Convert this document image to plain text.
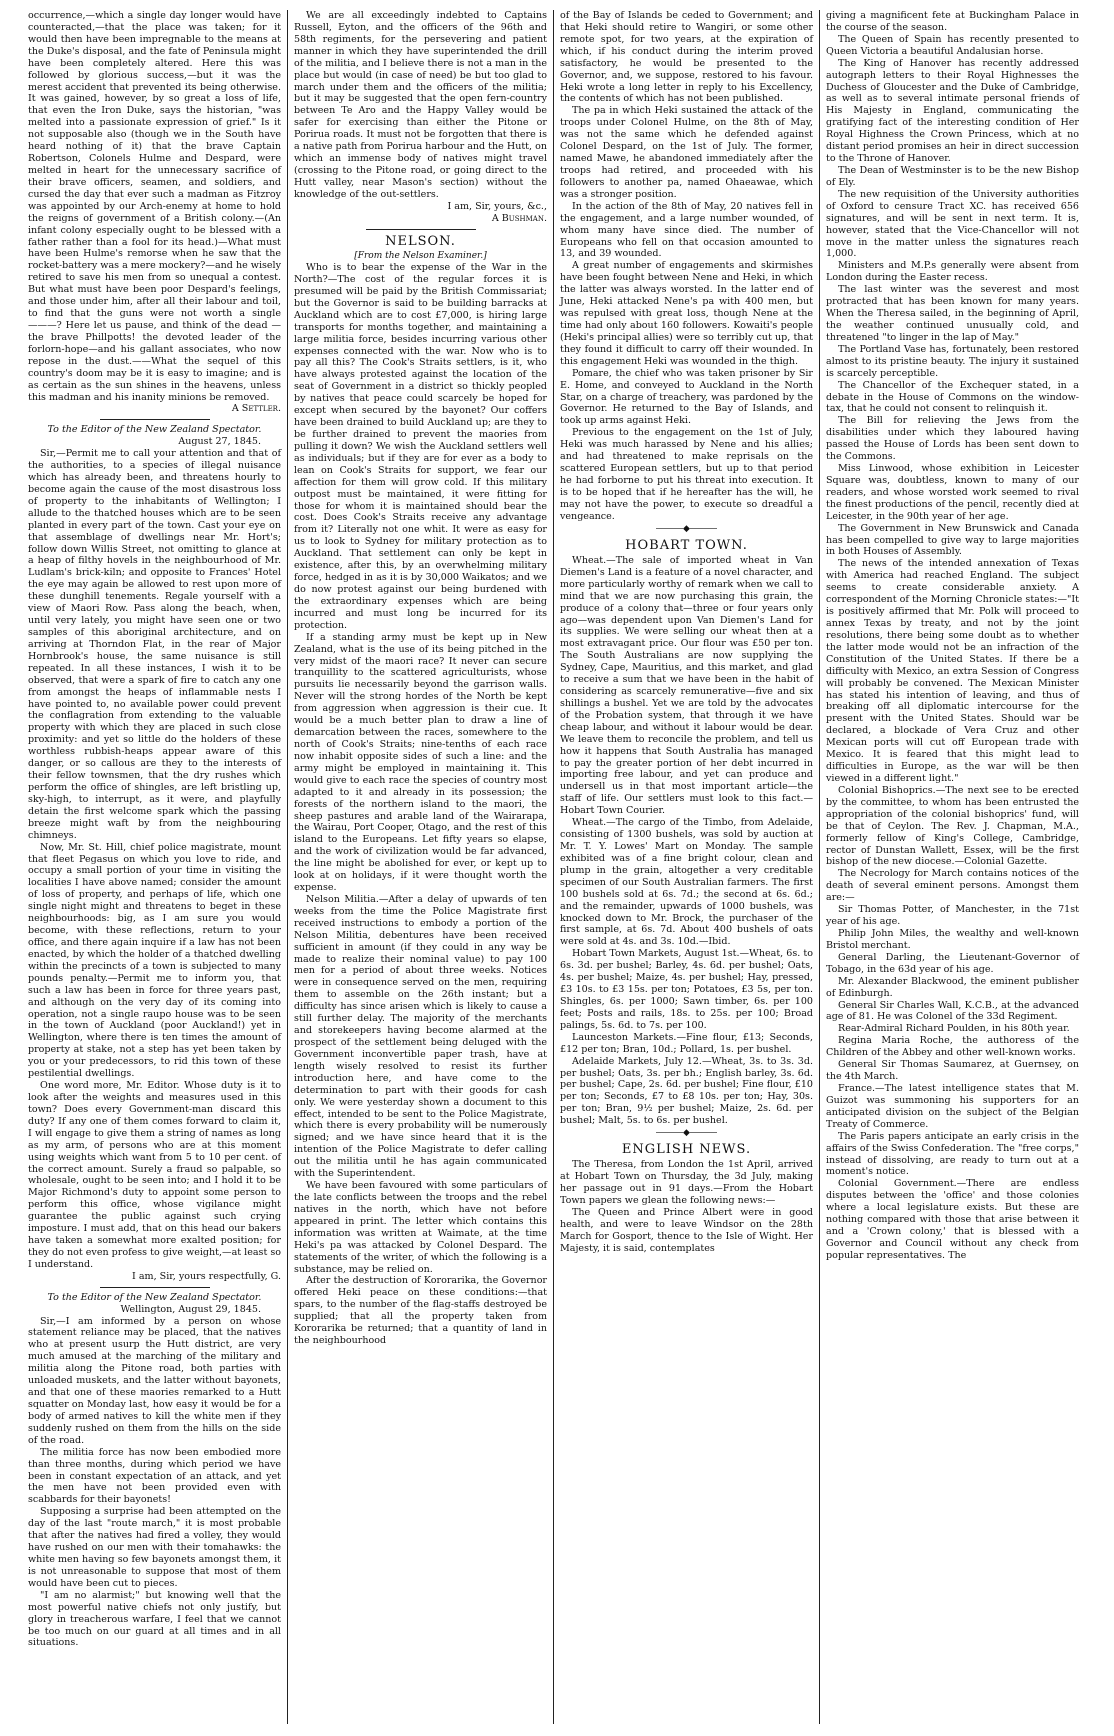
occurrence,—which a single day longer would have counteracted,—that the place was taken; for it would then have been impregnable to the means at the Duke's disposal, and the fate of Peninsula might have been completely altered. Here this was followed by glorious success,—but it was the merest accident that prevented its being otherwise. It was gained, however, by so great a loss of life, that even the Iron Duke, says the historian, "was melted into a passionate expression of grief." Is it not supposable also (though we in the South have heard nothing of it) that the brave Captain Robertson, Colonels Hulme and Despard, were melted in heart for the unnecessary sacrifice of their brave officers, seamen, and soldiers, and cursed the day that ever such a madman as Fitzroy was appointed by our Arch-enemy at home to hold the reigns of government of a British colony.—(An infant colony especially ought to be blessed with a father rather than a fool for its head.)—What must have been Hulme's remorse when he saw that the rocket-battery was a mere mockery?—and he wisely retired to save his men from so unequal a contest. But what must have been poor Despard's feelings, and those under him, after all their labour and toil, to find that the guns were not worth a single ———? Here let us pause, and think of the dead — the brave Phillpotts! the devoted leader of the forlorn-hope—and his gallant associates, who now repose in the dust.——What the sequel of this country's doom may be it is easy to imagine; and is as certain as the sun shines in the heavens, unless this madman and his inanity minions be removed.

A Settler.

To the Editor of the New Zealand Spectator.

August 27, 1845.

Sir,—Permit me to call your attention and that of the authorities, to a species of illegal nuisance which has already been, and threatens hourly to become again the cause of the most disastrous loss of property to the inhabitants of Wellington; I allude to the thatched houses which are to be seen planted in every part of the town. Cast your eye on that assemblage of dwellings near Mr. Hort's; follow down Willis Street, not omitting to glance at a heap of filthy hovels in the neighbourhood of Mr. Ludlam's brick-kiln; and opposite to Frances' Hotel the eye may again be allowed to rest upon more of these dunghill tenements. Regale yourself with a view of Maori Row. Pass along the beach, when, until very lately, you might have seen one or two samples of this aboriginal architecture, and on arriving at Thorndon Flat, in the rear of Major Hornbrook's house, the same nuisance is still repeated. In all these instances, I wish it to be observed, that were a spark of fire to catch any one from amongst the heaps of inflammable nests I have pointed to, no available power could prevent the conflagration from extending to the valuable property with which they are placed in such close proximity: and yet so little do the holders of these worthless rubbish-heaps appear aware of this danger, or so callous are they to the interests of their fellow townsmen, that the dry rushes which perform the office of shingles, are left bristling up, sky-high, to interrupt, as it were, and playfully detain the first welcome spark which the passing breeze might waft by from the neighbouring chimneys.

Now, Mr. St. Hill, chief police magistrate, mount that fleet Pegasus on which you love to ride, and occupy a small portion of your time in visiting the localities I have above named; consider the amount of loss of property, and perhaps of life, which one single night might and threatens to beget in these neighbourhoods: big, as I am sure you would become, with these reflections, return to your office, and there again inquire if a law has not been enacted, by which the holder of a thatched dwelling within the precincts of a town is subjected to many pounds penalty.—Permit me to inform you, that such a law has been in force for three years past, and although on the very day of its coming into operation, not a single raupo house was to be seen in the town of Auckland (poor Auckland!) yet in Wellington, where there is ten times the amount of property at stake, not a step has yet been taken by you or your predecessors, to rid this town of these pestilential dwellings.

One word more, Mr. Editor. Whose duty is it to look after the weights and measures used in this town? Does every Government-man discard this duty? If any one of them comes forward to claim it, I will engage to give them a string of names as long as my arm, of persons who are at this moment using weights which want from 5 to 10 per cent. of the correct amount. Surely a fraud so palpable, so wholesale, ought to be seen into; and I hold it to be Major Richmond's duty to appoint some person to perform this office, whose vigilance might guarantee the public against such crying imposture. I must add, that on this head our bakers have taken a somewhat more exalted position; for they do not even profess to give weight,—at least so I understand.

I am, Sir, yours respectfully, G.

To the Editor of the New Zealand Spectator.

Wellington, August 29, 1845.

Sir,—I am informed by a person on whose statement reliance may be placed, that the natives who at present usurp the Hutt district, are very much amused at the marching of the military and militia along the Pitone road, both parties with unloaded muskets, and the latter without bayonets, and that one of these maories remarked to a Hutt squatter on Monday last, how easy it would be for a body of armed natives to kill the white men if they suddenly rushed on them from the hills on the side of the road.

The militia force has now been embodied more than three months, during which period we have been in constant expectation of an attack, and yet the men have not been provided even with scabbards for their bayonets!

Supposing a surprise had been attempted on the day of the last "route march," it is most probable that after the natives had fired a volley, they would have rushed on our men with their tomahawks: the white men having so few bayonets amongst them, it is not unreasonable to suppose that most of them would have been cut to pieces.

"I am no alarmist;" but knowing well that the most powerful native chiefs not only justify, but glory in treacherous warfare, I feel that we cannot be too much on our guard at all times and in all situations.

We are all exceedingly indebted to Captains Russell, Eyton, and the officers of the 96th and 58th regiments, for the persevering and patient manner in which they have superintended the drill of the militia, and I believe there is not a man in the place but would (in case of need) be but too glad to march under them and the officers of the militia; but it may be suggested that the open fern-country between Te Aro and the Happy Valley would be safer for exercising than either the Pitone or Porirua roads. It must not be forgotten that there is a native path from Porirua harbour and the Hutt, on which an immense body of natives might travel (crossing to the Pitone road, or going direct to the Hutt valley, near Mason's section) without the knowledge of the out-settlers.

I am, Sir, yours, &c.,

A Bushman.

NELSON.

[From the Nelson Examiner.]

Who is to bear the expense of the War in the North?—The cost of the regular forces it is presumed will be paid by the British Commissariat; but the Governor is said to be building barracks at Auckland which are to cost £7,000, is hiring large transports for months together, and maintaining a large militia force, besides incurring various other expenses connected with the war. Now who is to pay all this? The Cook's Straits settlers, is it, who have always protested against the location of the seat of Government in a district so thickly peopled by natives that peace could scarcely be hoped for except when secured by the bayonet? Our coffers have been drained to build Auckland up; are they to be further drained to prevent the maories from pulling it down? We wish the Auckland settlers well as individuals; but if they are for ever as a body to lean on Cook's Straits for support, we fear our affection for them will grow cold. If this military outpost must be maintained, it were fitting for those for whom it is maintained should bear the cost. Does Cook's Straits receive any advantage from it? Literally not one whit. It were as easy for us to look to Sydney for military protection as to Auckland. That settlement can only be kept in existence, after this, by an overwhelming military force, hedged in as it is by 30,000 Waikatos; and we do now protest against our being burdened with the extraordinary expenses which are being incurred and must long be incurred for its protection.

If a standing army must be kept up in New Zealand, what is the use of its being pitched in the very midst of the maori race? It never can secure tranquillity to the scattered agriculturists, whose pursuits lie necessarily beyond the garrison walls. Never will the strong hordes of the North be kept from aggression when aggression is their cue. It would be a much better plan to draw a line of demarcation between the races, somewhere to the north of Cook's Straits; nine-tenths of each race now inhabit opposite sides of such a line: and the army might be employed in maintaining it. This would give to each race the species of country most adapted to it and already in its possession; the forests of the northern island to the maori, the sheep pastures and arable land of the Wairarapa, the Wairau, Port Cooper, Otago, and the rest of this island to the Europeans. Let fifty years so elapse, and the work of civilization would be far advanced, the line might be abolished for ever, or kept up to look at on holidays, if it were thought worth the expense.

Nelson Militia.—After a delay of upwards of ten weeks from the time the Police Magistrate first received instructions to embody a portion of the Nelson Militia, debentures have been received sufficient in amount (if they could in any way be made to realize their nominal value) to pay 100 men for a period of about three weeks. Notices were in consequence served on the men, requiring them to assemble on the 26th instant; but a difficulty has since arisen which is likely to cause a still further delay. The majority of the merchants and storekeepers having become alarmed at the prospect of the settlement being deluged with the Government inconvertible paper trash, have at length wisely resolved to resist its further introduction here, and have come to the determination to part with their goods for cash only. We were yesterday shown a document to this effect, intended to be sent to the Police Magistrate, which there is every probability will be numerously signed; and we have since heard that it is the intention of the Police Magistrate to defer calling out the militia until he has again communicated with the Superintendent.

We have been favoured with some particulars of the late conflicts between the troops and the rebel natives in the north, which have not before appeared in print. The letter which contains this information was written at Waimate, at the time Heki's pa was attacked by Colonel Despard. The statements of the writer, of which the following is a substance, may be relied on.

After the destruction of Kororarika, the Governor offered Heki peace on these conditions:—that spars, to the number of the flag-staffs destroyed be supplied; that all the property taken from Kororarika be returned; that a quantity of land in the neighbourhood

of the Bay of Islands be ceded to Government; and that Heki should retire to Wangiri, or some other remote spot, for two years, at the expiration of which, if his conduct during the interim proved satisfactory, he would be presented to the Governor, and, we suppose, restored to his favour. Heki wrote a long letter in reply to his Excellency, the contents of which has not been published.

The pa in which Heki sustained the attack of the troops under Colonel Hulme, on the 8th of May, was not the same which he defended against Colonel Despard, on the 1st of July. The former, named Mawe, he abandoned immediately after the troops had retired, and proceeded with his followers to another pa, named Ohaeawae, which was a stronger position.

In the action of the 8th of May, 20 natives fell in the engagement, and a large number wounded, of whom many have since died. The number of Europeans who fell on that occasion amounted to 13, and 39 wounded.

A great number of engagements and skirmishes have been fought between Nene and Heki, in which the latter was always worsted. In the latter end of June, Heki attacked Nene's pa with 400 men, but was repulsed with great loss, though Nene at the time had only about 160 followers. Kowaiti's people (Heki's principal allies) were so terribly cut up, that they found it difficult to carry off their wounded. In this engagement Heki was wounded in the thigh.

Pomare, the chief who was taken prisoner by Sir E. Home, and conveyed to Auckland in the North Star, on a charge of treachery, was pardoned by the Governor. He returned to the Bay of Islands, and took up arms against Heki.

Previous to the engagement on the 1st of July, Heki was much harassed by Nene and his allies; and had threatened to make reprisals on the scattered European settlers, but up to that period he had forborne to put his threat into execution. It is to be hoped that if he hereafter has the will, he may not have the power, to execute so dreadful a vengeance.

―――◆―――

HOBART TOWN.

Wheat.—The sale of imported wheat in Van Diemen's Land is a feature of a novel character, and more particularly worthy of remark when we call to mind that we are now purchasing this grain, the produce of a colony that—three or four years only ago—was dependent upon Van Diemen's Land for its supplies. We were selling our wheat then at a most extravagant price. Our flour was £50 per ton. The South Australians are now supplying the Sydney, Cape, Mauritius, and this market, and glad to receive a sum that we have been in the habit of considering as scarcely remunerative—five and six shillings a bushel. Yet we are told by the advocates of the Probation system, that through it we have cheap labour, and without it labour would be dear. We leave them to reconcile the problem, and tell us how it happens that South Australia has managed to pay the greater portion of her debt incurred in importing free labour, and yet can produce and undersell us in that most important article—the staff of life. Our settlers must look to this fact.—Hobart Town Courier.

Wheat.—The cargo of the Timbo, from Adelaide, consisting of 1300 bushels, was sold by auction at Mr. T. Y. Lowes' Mart on Monday. The sample exhibited was of a fine bright colour, clean and plump in the grain, altogether a very creditable specimen of our South Australian farmers. The first 100 bushels sold at 6s. 7d.; the second at 6s. 6d.; and the remainder, upwards of 1000 bushels, was knocked down to Mr. Brock, the purchaser of the first sample, at 6s. 7d. About 400 bushels of oats were sold at 4s. and 3s. 10d.—Ibid.

Hobart Town Markets, August 1st.—Wheat, 6s. to 6s. 3d. per bushel; Barley, 4s. 6d. per bushel; Oats, 4s. per bushel; Maize, 4s. per bushel; Hay, pressed, £3 10s. to £3 15s. per ton; Potatoes, £3 5s, per ton. Shingles, 6s. per 1000; Sawn timber, 6s. per 100 feet; Posts and rails, 18s. to 25s. per 100; Broad palings, 5s. 6d. to 7s. per 100.

Launceston Markets.—Fine flour, £13; Seconds, £12 per ton; Bran, 10d.; Pollard, 1s. per bushel.

Adelaide Markets, July 12.—Wheat, 3s. to 3s. 3d. per bushel; Oats, 3s. per bh.; English barley, 3s. 6d. per bushel; Cape, 2s. 6d. per bushel; Fine flour, £10 per ton; Seconds, £7 to £8 10s. per ton; Hay, 30s. per ton; Bran, 9½ per bushel; Maize, 2s. 6d. per bushel; Malt, 5s. to 6s. per bushel.

―――◆―――

ENGLISH NEWS.

The Theresa, from London the 1st April, arrived at Hobart Town on Thursday, the 3d July, making her passage out in 91 days.—From the Hobart Town papers we glean the following news:—

The Queen and Prince Albert were in good health, and were to leave Windsor on the 28th March for Gosport, thence to the Isle of Wight. Her Majesty, it is said, contemplates

giving a magnificent fete at Buckingham Palace in the course of the season.

The Queen of Spain has recently presented to Queen Victoria a beautiful Andalusian horse.

The King of Hanover has recently addressed autograph letters to their Royal Highnesses the Duchess of Gloucester and the Duke of Cambridge, as well as to several intimate personal friends of His Majesty in England, communicating the gratifying fact of the interesting condition of Her Royal Highness the Crown Princess, which at no distant period promises an heir in direct succession to the Throne of Hanover.

The Dean of Westminster is to be the new Bishop of Ely.

The new requisition of the University authorities of Oxford to censure Tract XC. has received 656 signatures, and will be sent in next term. It is, however, stated that the Vice-Chancellor will not move in the matter unless the signatures reach 1,000.

Ministers and M.P.s generally were absent from London during the Easter recess.

The last winter was the severest and most protracted that has been known for many years. When the Theresa sailed, in the beginning of April, the weather continued unusually cold, and threatened "to linger in the lap of May."

The Portland Vase has, fortunately, been restored almost to its pristine beauty. The injury it sustained is scarcely perceptible.

The Chancellor of the Exchequer stated, in a debate in the House of Commons on the window-tax, that he could not consent to relinquish it.

The Bill for relieving the Jews from the disabilities under which they laboured having passed the House of Lords has been sent down to the Commons.

Miss Linwood, whose exhibition in Leicester Square was, doubtless, known to many of our readers, and whose worsted work seemed to rival the finest productions of the pencil, recently died at Leicester, in the 90th year of her age.

The Government in New Brunswick and Canada has been compelled to give way to large majorities in both Houses of Assembly.

The news of the intended annexation of Texas with America had reached England. The subject seems to create considerable anxiety. A correspondent of the Morning Chronicle states:—"It is positively affirmed that Mr. Polk will proceed to annex Texas by treaty, and not by the joint resolutions, there being some doubt as to whether the latter mode would not be an infraction of the Constitution of the United States. If there be a difficulty with Mexico, an extra Session of Congress will probably be convened. The Mexican Minister has stated his intention of leaving, and thus of breaking off all diplomatic intercourse for the present with the United States. Should war be declared, a blockade of Vera Cruz and other Mexican ports will cut off European trade with Mexico. It is feared that this might lead to difficulties in Europe, as the war will be then viewed in a different light."

Colonial Bishoprics.—The next see to be erected by the committee, to whom has been entrusted the appropriation of the colonial bishoprics' fund, will be that of Ceylon. The Rev. J. Chapman, M.A., formerly fellow of King's College, Cambridge, rector of Dunstan Wallett, Essex, will be the first bishop of the new diocese.—Colonial Gazette.

The Necrology for March contains notices of the death of several eminent persons. Amongst them are:—

Sir Thomas Potter, of Manchester, in the 71st year of his age.

Philip John Miles, the wealthy and well-known Bristol merchant.

General Darling, the Lieutenant-Governor of Tobago, in the 63d year of his age.

Mr. Alexander Blackwood, the eminent publisher of Edinburgh.

General Sir Charles Wall, K.C.B., at the advanced age of 81. He was Colonel of the 33d Regiment.

Rear-Admiral Richard Poulden, in his 80th year.

Regina Maria Roche, the authoress of the Children of the Abbey and other well-known works.

General Sir Thomas Saumarez, at Guernsey, on the 4th March.

France.—The latest intelligence states that M. Guizot was summoning his supporters for an anticipated division on the subject of the Belgian Treaty of Commerce.

The Paris papers anticipate an early crisis in the affairs of the Swiss Confederation. The "free corps," instead of dissolving, are ready to turn out at a moment's notice.

Colonial Government.—There are endless disputes between the 'office' and those colonies where a local legislature exists. But these are nothing compared with those that arise between it and a 'Crown colony,' that is blessed with a Governor and Council without any check from popular representatives. The
